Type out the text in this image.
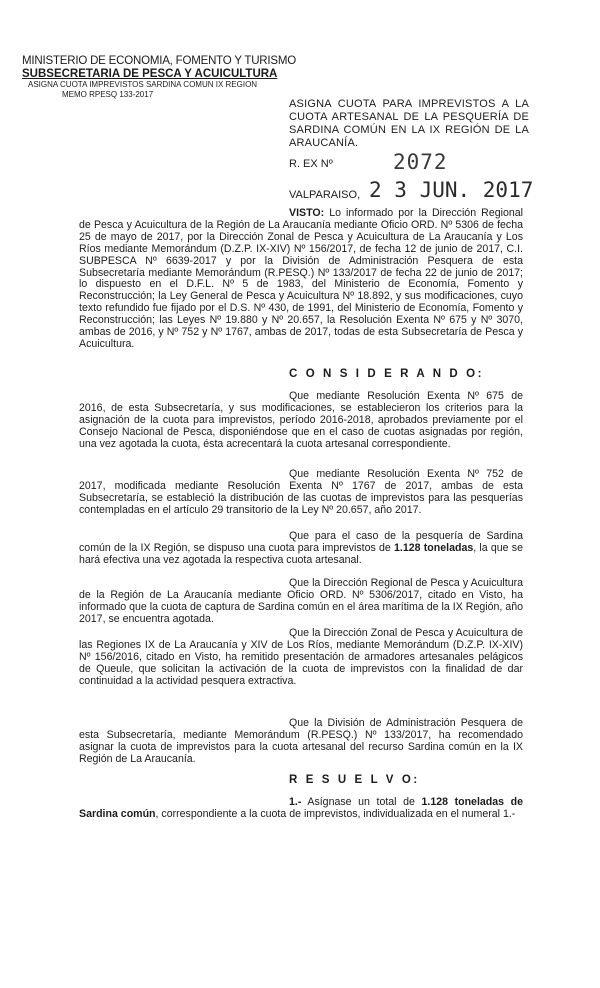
MINISTERIO DE ECONOMIA, FOMENTO Y TURISMO
SUBSECRETARIA DE PESCA Y ACUICULTURA
ASIGNA CUOTA IMPREVISTOS SARDINA COMUN IX REGION
MEMO RPESQ 133-2017
ASIGNA CUOTA PARA IMPREVISTOS A LA CUOTA ARTESANAL DE LA PESQUERÍA DE SARDINA COMÚN EN LA IX REGIÓN DE LA ARAUCANÍA.
R. EX Nº	2072
VALPARAISO, 2 3 JUN. 2017

VISTO: Lo informado por la Dirección Regional de Pesca y Acuicultura de la Región de La Araucanía mediante Oficio ORD. Nº 5306 de fecha 25 de mayo de 2017, por la Dirección Zonal de Pesca y Acuicultura de La Araucanía y Los Ríos mediante Memorándum (D.Z.P. IX-XIV) Nº 156/2017, de fecha 12 de junio de 2017, C.I. SUBPESCA Nº 6639-2017 y por la División de Administración Pesquera de esta Subsecretaría mediante Memorándum (R.PESQ.) Nº 133/2017 de fecha 22 de junio de 2017; lo dispuesto en el D.F.L. Nº 5 de 1983, del Ministerio de Economía, Fomento y Reconstrucción; la Ley General de Pesca y Acuicultura Nº 18.892, y sus modificaciones, cuyo texto refundido fue fijado por el D.S. Nº 430, de 1991, del Ministerio de Economía, Fomento y Reconstrucción; las Leyes Nº 19.880 y Nº 20.657, la Resolución Exenta Nº 675 y Nº 3070, ambas de 2016, y Nº 752 y Nº 1767, ambas de 2017, todas de esta Subsecretaría de Pesca y Acuicultura.

C O N S I D E R A N D O:

Que mediante Resolución Exenta Nº 675 de 2016, de esta Subsecretaría, y sus modificaciones, se establecieron los criterios para la asignación de la cuota para imprevistos, período 2016-2018, aprobados previamente por el Consejo Nacional de Pesca, disponiéndose que en el caso de cuotas asignadas por región, una vez agotada la cuota, ésta acrecentará la cuota artesanal correspondiente.

Que mediante Resolución Exenta Nº 752 de 2017, modificada mediante Resolución Exenta Nº 1767 de 2017, ambas de esta Subsecretaría, se estableció la distribución de las cuotas de imprevistos para las pesquerías contempladas en el artículo 29 transitorio de la Ley Nº 20.657, año 2017.

Que para el caso de la pesquería de Sardina común de la IX Región, se dispuso una cuota para imprevistos de 1.128 toneladas, la que se hará efectiva una vez agotada la respectiva cuota artesanal.

Que la Dirección Regional de Pesca y Acuicultura de la Región de La Araucanía mediante Oficio ORD. Nº 5306/2017, citado en Visto, ha informado que la cuota de captura de Sardina común en el área marítima de la IX Región, año 2017, se encuentra agotada.

Que la Dirección Zonal de Pesca y Acuicultura de las Regiones IX de La Araucanía y XIV de Los Ríos, mediante Memorándum (D.Z.P. IX-XIV) Nº 156/2016, citado en Visto, ha remitido presentación de armadores artesanales pelágicos de Queule, que solicitan la activación de la cuota de imprevistos con la finalidad de dar continuidad a la actividad pesquera extractiva.

Que la División de Administración Pesquera de esta Subsecretaría, mediante Memorándum (R.PESQ.) Nº 133/2017, ha recomendado asignar la cuota de imprevistos para la cuota artesanal del recurso Sardina común en la IX Región de La Araucanía.

R E S U E L V O:

1.- Asígnase un total de 1.128 toneladas de Sardina común, correspondiente a la cuota de imprevistos, individualizada en el numeral 1.-
